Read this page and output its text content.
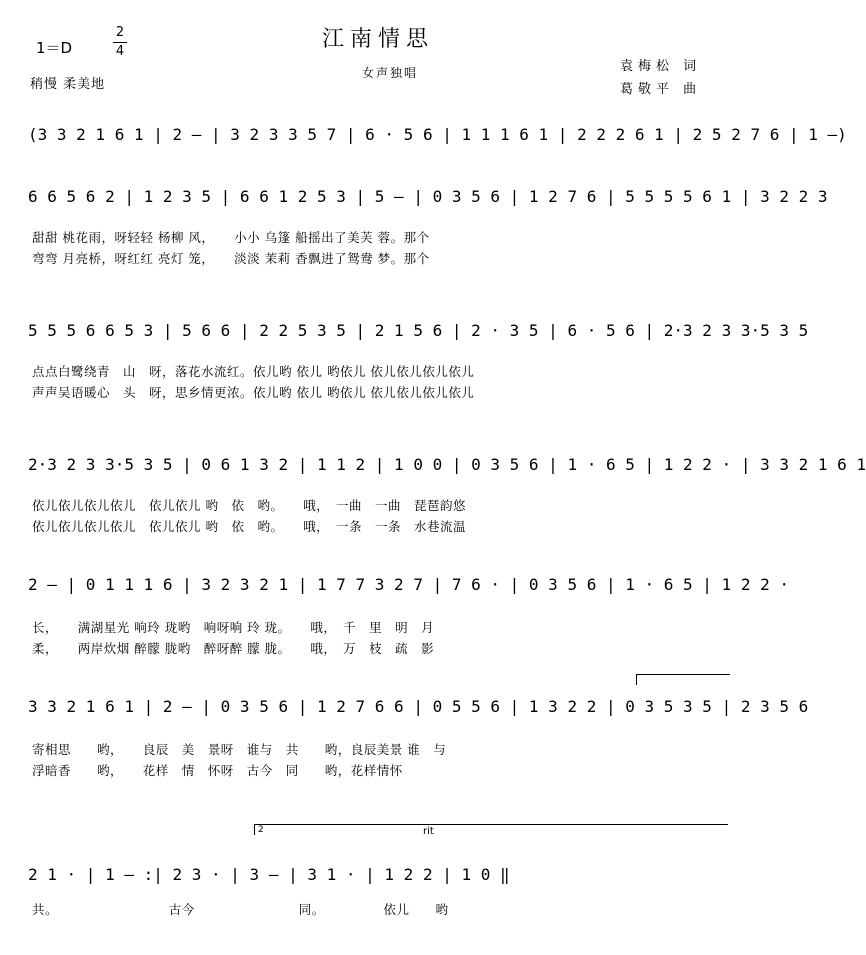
江南情思
1＝D
2
4
稍慢 柔美地
女声独唱	袁梅松 词
葛敬平 曲
(3 3 2 1 6 1 | 2 — | 3 2 3 3 5 7 | 6 · 5 6 | 1 1 1 6 1 | 2 2 2 6 1 | 2 5 2 7 6 | 1 —)
6 6 5 6 2 | 1 2 3 5 | 6 6 1 2 5 3 | 5 — | 0 3 5 6 | 1 2 7 6 | 5 5 5 5 6 1 | 3 2 2 3
甜甜 桃花雨，呀轻轻 杨柳 风，　　小小 乌篷 船摇出了美芙 蓉。那个
弯弯 月亮桥，呀红红 亮灯 笼，　　淡淡 茉莉 香飘进了鸳鸯 梦。那个
5 5 5 6 6 5 3 | 5 6 6 | 2 2 5 3 5 | 2 1 5 6 | 2 · 3 5 | 6 · 5 6 | 2·3 2 3 3·5 3 5
点点白鹭绕青　山　呀，落花水流红。依儿哟 依儿 哟依儿 依儿依儿依儿依儿
声声吴语暖心　头　呀，思乡情更浓。依儿哟 依儿 哟依儿 依儿依儿依儿依儿
2·3 2 3 3·5 3 5 | 0 6 1 3 2 | 1 1 2 | 1 0 0 | 0 3 5 6 | 1 · 6 5 | 1 2 2 · | 3 3 2 1 6 1
依儿依儿依儿依儿　依儿依儿 哟　依　哟。　　哦，　一曲　一曲　琵琶韵悠
依儿依儿依儿依儿　依儿依儿 哟　依　哟。　　哦，　一条　一条　水巷流温
2 — | 0 1 1 1 6 | 3 2 3 2 1 | 1 7 7 3 2 7 | 7 6 · | 0 3 5 6 | 1 · 6 5 | 1 2 2 ·
长，　　满湖星光 响玲 珑哟　响呀响 玲 珑。　　哦，　千　里　明　月
柔，　　两岸炊烟 醉朦 胧哟　醉呀醉 朦 胧。　　哦，　万　枝　疏　影
3 3 2 1 6 1 | 2 — | 0 3 5 6 | 1 2 7 6 6 | 0 5 5 6 | 1 3 2 2 | 0 3 5 3 5 | 2 3 5 6
寄相思　　哟，　　良辰　美　景呀　谁与　共　　哟，良辰美景 谁　与
浮暗香　　哟，　　花样　情　怀呀　古今　同　　哟，花样情怀
2	rit
2 1 · | 1 — :| 2 3 · | 3 — | 3 1 · | 1 2 2 | 1 0 ‖
共。　　　　　　　　　古今　　　　　　　　同。　　　　　依儿　　哟
